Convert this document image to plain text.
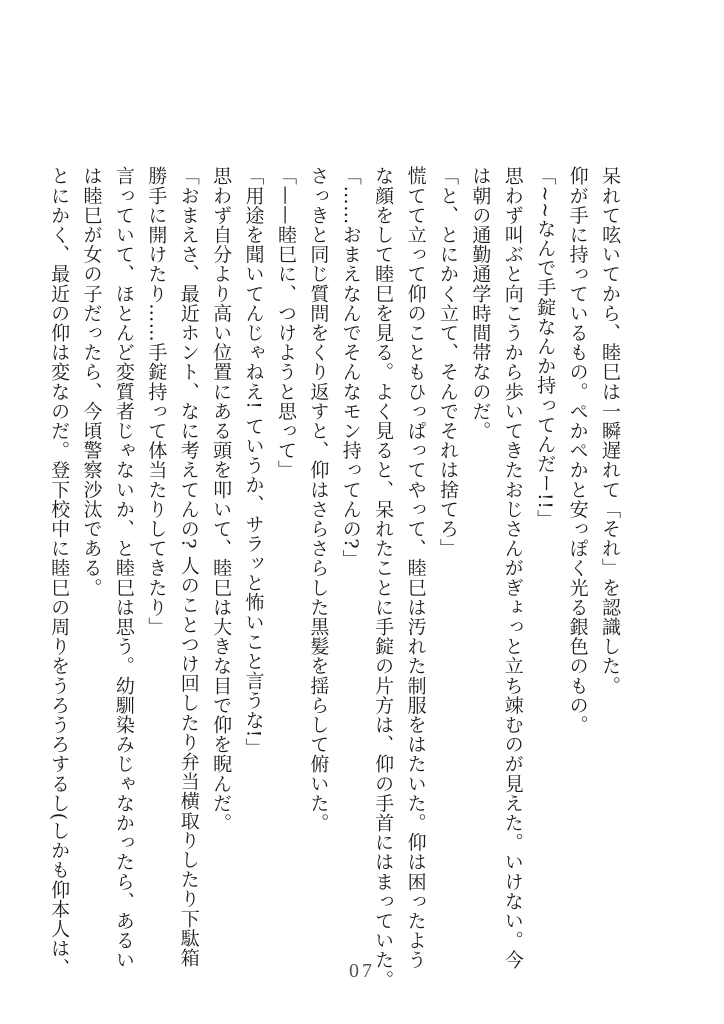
呆れて呟いてから、睦巳は一瞬遅れて「それ」を認識した。
仰が手に持っているもの。ぺかぺかと安っぽく光る銀色のもの。
「~~なんで手錠なんか持ってんだー!!」
思わず叫ぶと向こうから歩いてきたおじさんがぎょっと立ち竦むのが見えた。いけない。今
は朝の通勤通学時間帯なのだ。
「と、とにかく立て、そんでそれは捨てろ」
慌てて立って仰のこともひっぱってやって、睦巳は汚れた制服をはたいた。仰は困ったよう
な顔をして睦巳を見る。よく見ると、呆れたことに手錠の片方は、仰の手首にはまっていた。
「……おまえなんでそんなモン持ってんの?」
さっきと同じ質問をくり返すと、仰はさらさらした黒髪を揺らして俯いた。
「——睦巳に、つけようと思って」
「用途を聞いてんじゃねえ! ていうか、サラッと怖いこと言うな!」
思わず自分より高い位置にある頭を叩いて、睦巳は大きな目で仰を睨んだ。
「おまえさ、最近ホント、なに考えてんの? 人のことつけ回したり弁当横取りしたり下駄箱
勝手に開けたり……手錠持って体当たりしてきたり」
言っていて、ほとんど変質者じゃないか、と睦巳は思う。幼馴染みじゃなかったら、あるい
は睦巳が女の子だったら、今頃警察沙汰である。
とにかく、最近の仰は変なのだ。登下校中に睦巳の周りをうろうろするし(しかも仰本人は、	07
